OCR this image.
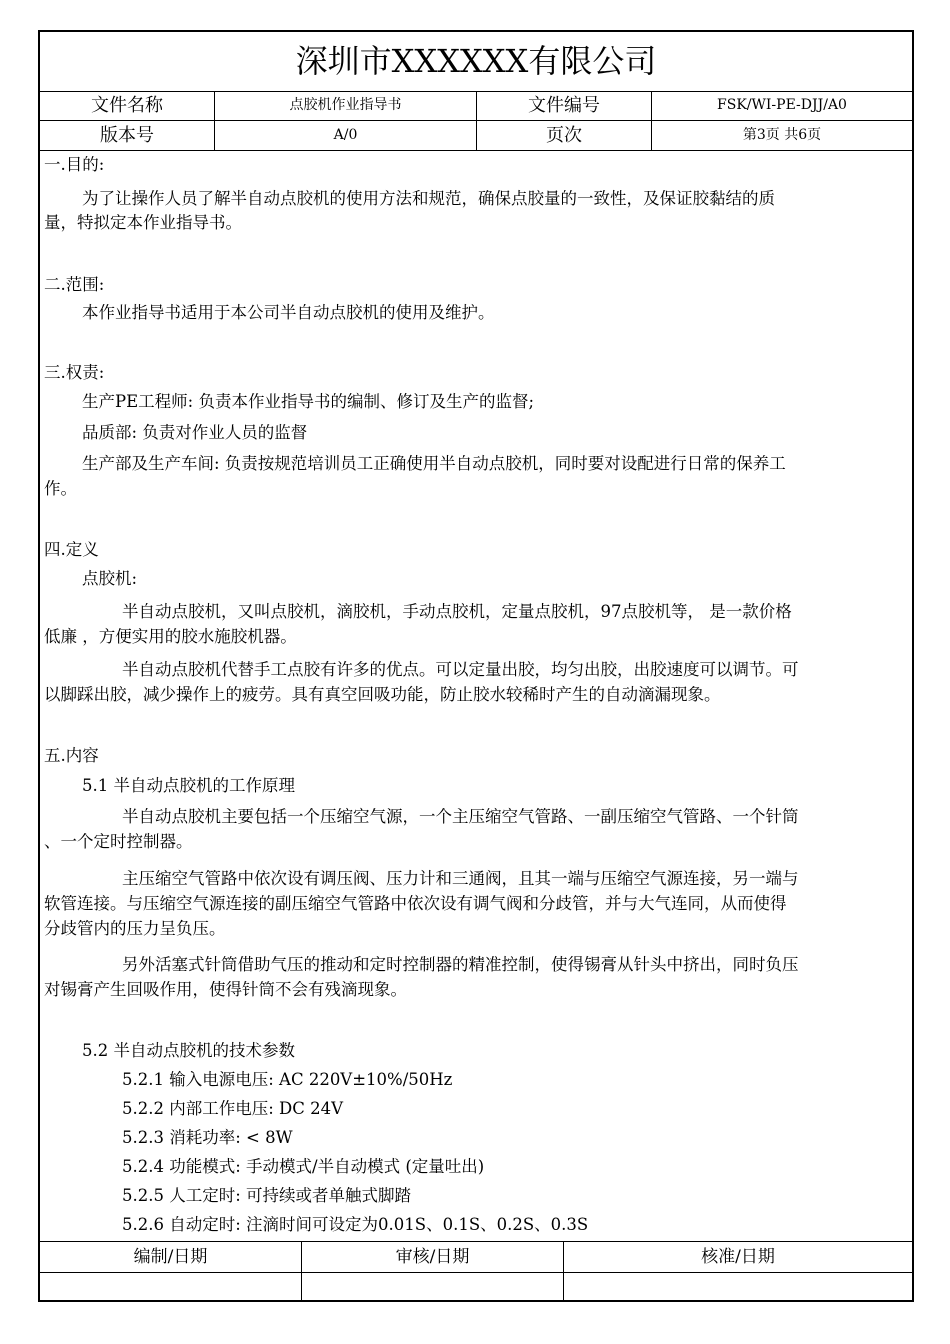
深圳市XXXXXX有限公司
文件名称	点胶机作业指导书	文件编号	FSK/WI-PE-DJJ/A0
版本号	A/0	页次	第3页 共6页
一.目的:
为了让操作人员了解半自动点胶机的使用方法和规范，确保点胶量的一致性，及保证胶黏结的质
量，特拟定本作业指导书。
二.范围:
本作业指导书适用于本公司半自动点胶机的使用及维护。
三.权责:
生产PE工程师: 负责本作业指导书的编制、修订及生产的监督;
品质部: 负责对作业人员的监督
生产部及生产车间: 负责按规范培训员工正确使用半自动点胶机，同时要对设配进行日常的保养工
作。
四.定义
点胶机:
半自动点胶机，又叫点胶机，滴胶机，手动点胶机，定量点胶机，97点胶机等， 是一款价格
低廉 ，方便实用的胶水施胶机器。
半自动点胶机代替手工点胶有许多的优点。可以定量出胶，均匀出胶，出胶速度可以调节。可
以脚踩出胶，减少操作上的疲劳。具有真空回吸功能，防止胶水较稀时产生的自动滴漏现象。
五.内容
5.1 半自动点胶机的工作原理
半自动点胶机主要包括一个压缩空气源，一个主压缩空气管路、一副压缩空气管路、一个针筒
、一个定时控制器。
主压缩空气管路中依次设有调压阀、压力计和三通阀，且其一端与压缩空气源连接，另一端与
软管连接。与压缩空气源连接的副压缩空气管路中依次设有调气阀和分歧管，并与大气连同，从而使得
分歧管内的压力呈负压。
另外活塞式针筒借助气压的推动和定时控制器的精准控制，使得锡膏从针头中挤出，同时负压
对锡膏产生回吸作用，使得针筒不会有残滴现象。
5.2 半自动点胶机的技术参数
5.2.1 输入电源电压: AC 220V±10%/50Hz
5.2.2 内部工作电压: DC 24V
5.2.3 消耗功率: < 8W
5.2.4 功能模式: 手动模式/半自动模式 (定量吐出)
5.2.5 人工定时: 可持续或者单触式脚踏
5.2.6 自动定时: 注滴时间可设定为0.01S、0.1S、0.2S、0.3S
编制/日期	审核/日期	核准/日期
